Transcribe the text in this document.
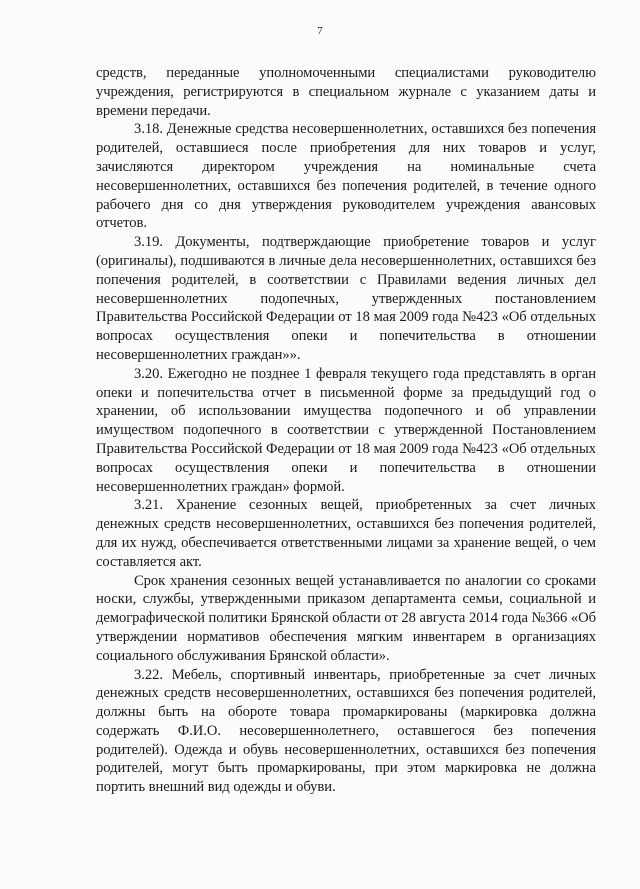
7

средств, переданные уполномоченными специалистами руководителю учреждения, регистрируются в специальном журнале с указанием даты и времени передачи.

3.18. Денежные средства несовершеннолетних, оставшихся без попечения родителей, оставшиеся после приобретения для них товаров и услуг, зачисляются директором учреждения на номинальные счета несовершеннолетних, оставшихся без попечения родителей, в течение одного рабочего дня со дня утверждения руководителем учреждения авансовых отчетов.

3.19. Документы, подтверждающие приобретение товаров и услуг (оригиналы), подшиваются в личные дела несовершеннолетних, оставшихся без попечения родителей, в соответствии с Правилами ведения личных дел несовершеннолетних подопечных, утвержденных постановлением Правительства Российской Федерации от 18 мая 2009 года №423 «Об отдельных вопросах осуществления опеки и попечительства в отношении несовершеннолетних граждан»».

3.20. Ежегодно не позднее 1 февраля текущего года представлять в орган опеки и попечительства отчет в письменной форме за предыдущий год о хранении, об использовании имущества подопечного и об управлении имуществом подопечного в соответствии с утвержденной Постановлением Правительства Российской Федерации от 18 мая 2009 года №423 «Об отдельных вопросах осуществления опеки и попечительства в отношении несовершеннолетних граждан» формой.

3.21. Хранение сезонных вещей, приобретенных за счет личных денежных средств несовершеннолетних, оставшихся без попечения родителей, для их нужд, обеспечивается ответственными лицами за хранение вещей, о чем составляется акт.

Срок хранения сезонных вещей устанавливается по аналогии со сроками носки, службы, утвержденными приказом департамента семьи, социальной и демографической политики Брянской области от 28 августа 2014 года №366 «Об утверждении нормативов обеспечения мягким инвентарем в организациях социального обслуживания Брянской области».

3.22. Мебель, спортивный инвентарь, приобретенные за счет личных денежных средств несовершеннолетних, оставшихся без попечения родителей, должны быть на обороте товара промаркированы (маркировка должна содержать Ф.И.О. несовершеннолетнего, оставшегося без попечения родителей). Одежда и обувь несовершеннолетних, оставшихся без попечения родителей, могут быть промаркированы, при этом маркировка не должна портить внешний вид одежды и обуви.
